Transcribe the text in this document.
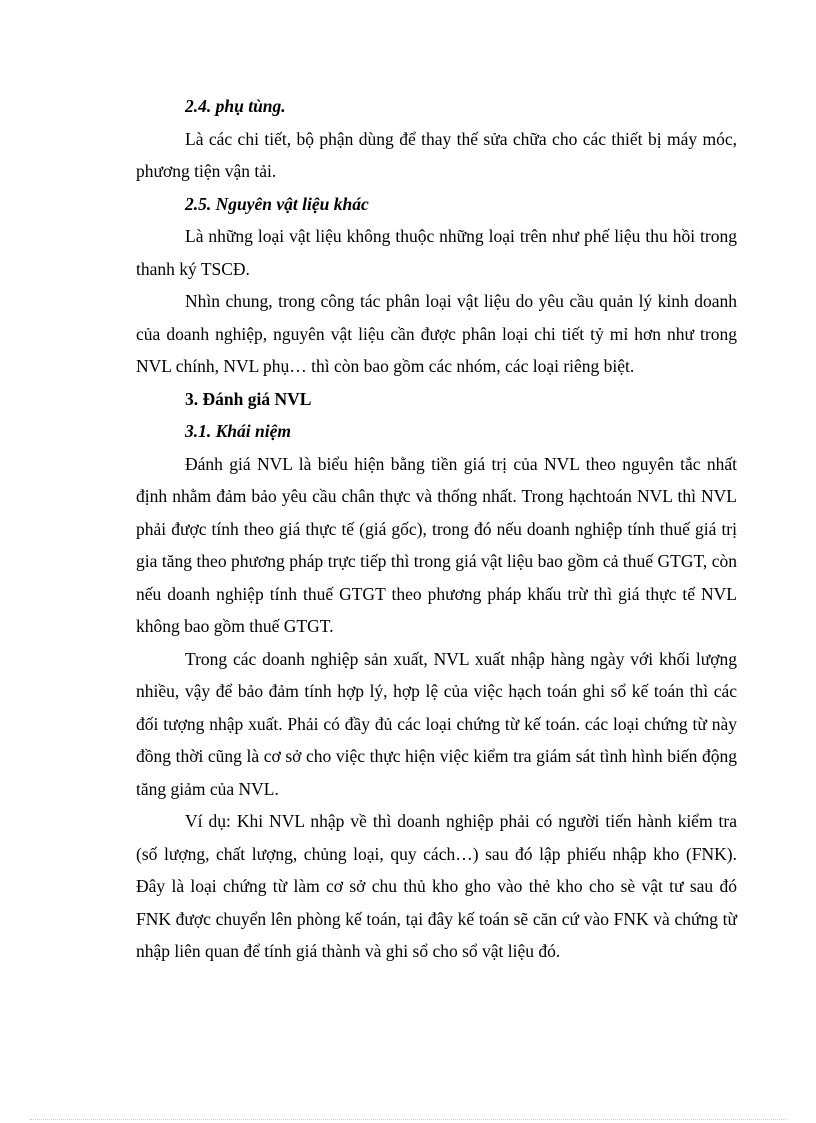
2.4. phụ tùng.

Là các chi tiết, bộ phận dùng để thay thế sửa chữa cho các thiết bị máy móc, phương tiện vận tải.

2.5. Nguyên vật liệu khác

Là những loại vật liệu không thuộc những loại trên như phế liệu thu hồi trong thanh ký TSCĐ.

Nhìn chung, trong công tác phân loại vật liệu do yêu cầu quản lý kinh doanh của doanh nghiệp, nguyên vật liệu cần được phân loại chi tiết tỷ mỉ hơn như trong NVL chính, NVL phụ… thì còn bao gồm các nhóm, các loại riêng biệt.

3. Đánh giá NVL
3.1. Khái niệm

Đánh giá NVL là biểu hiện bằng tiền giá trị của NVL theo nguyên tắc nhất định nhằm đảm bảo yêu cầu chân thực và thống nhất. Trong hạchtoán NVL thì NVL phải được tính theo giá thực tế (giá gốc), trong đó nếu doanh nghiệp tính thuế giá trị gia tăng theo phương pháp trực tiếp thì trong giá vật liệu bao gồm cả thuế GTGT, còn nếu doanh nghiệp tính thuế GTGT theo phương pháp khấu trừ thì giá thực tế NVL không bao gồm thuế GTGT.

Trong các doanh nghiệp sản xuất, NVL xuất nhập hàng ngày với khối lượng nhiều, vậy để bảo đảm tính hợp lý, hợp lệ của việc hạch toán ghi sổ kế toán thì các đối tượng nhập xuất. Phải có đầy đủ các loại chứng từ kế toán. các loại chứng từ này đồng thời cũng là cơ sở cho việc thực hiện việc kiểm tra giám sát tình hình biến động tăng giảm của NVL.

Ví dụ: Khi NVL nhập về thì doanh nghiệp phải có người tiến hành kiểm tra (số lượng, chất lượng, chủng loại, quy cách…) sau đó lập phiếu nhập kho (FNK). Đây là loại chứng từ làm cơ sở chu thủ kho gho vào thẻ kho cho sè vật tư sau đó FNK được chuyển lên phòng kế toán, tại đây kế toán sẽ căn cứ vào FNK và chứng từ nhập liên quan để tính giá thành và ghi sổ cho sổ vật liệu đó.
